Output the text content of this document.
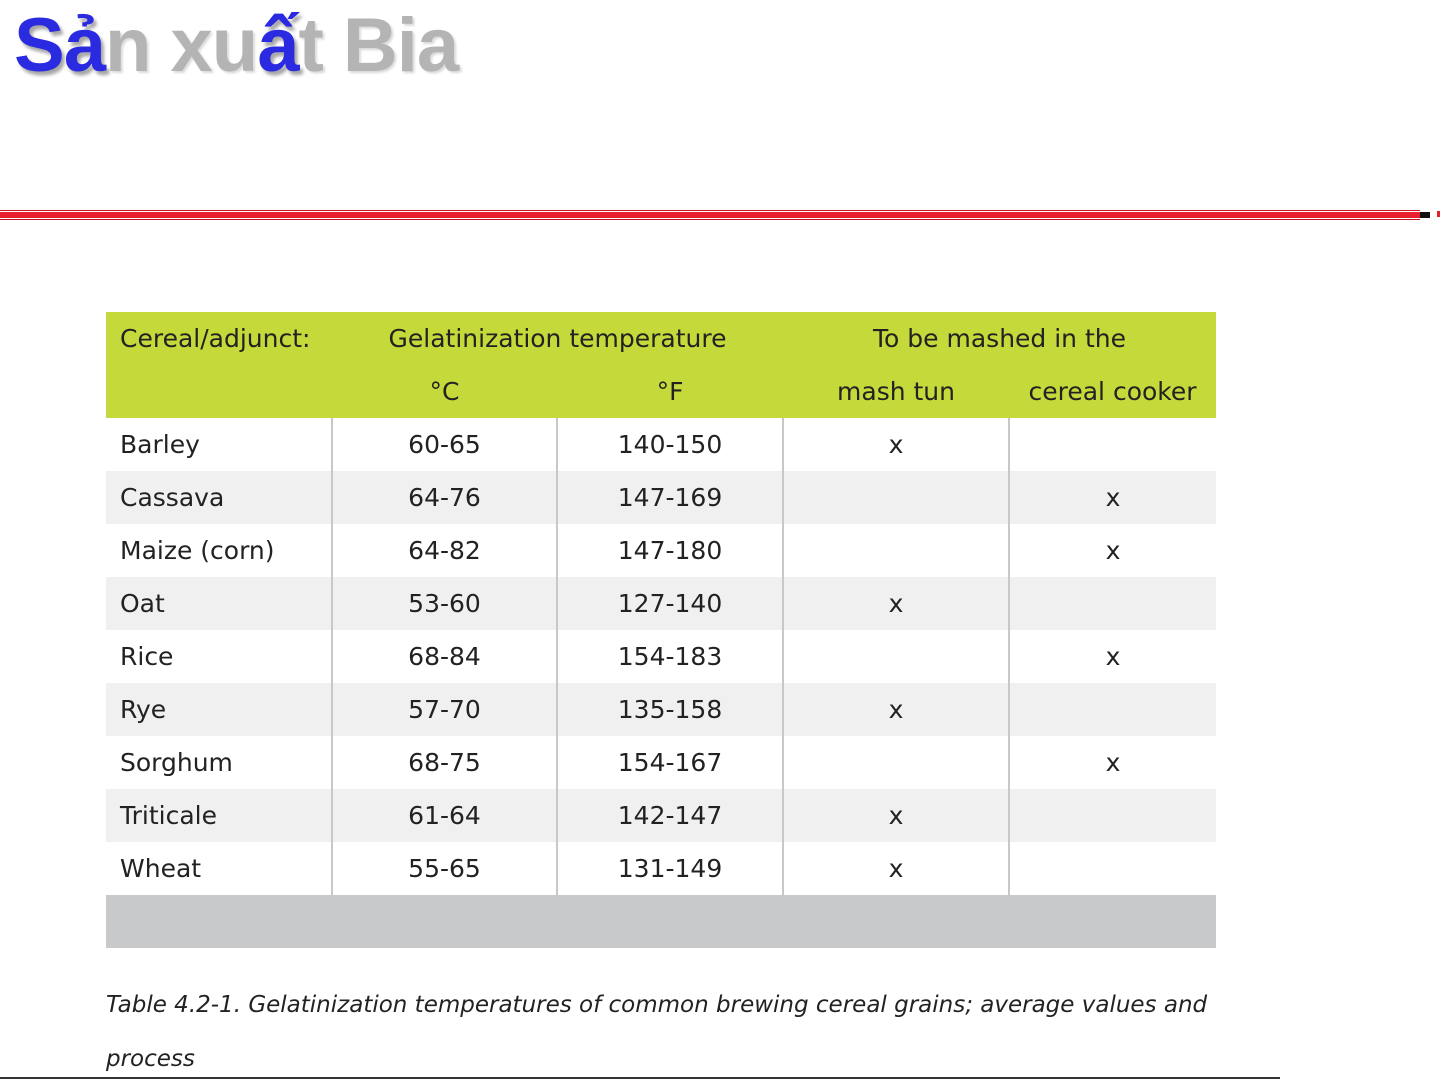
Sản xuất Bia
Cereal/adjunct:	Gelatinization temperature		To be mashed in the	
	°C	°F	mash tun	cereal cooker
Barley	60-65	140-150	x	
Cassava	64-76	147-169		x
Maize (corn)	64-82	147-180		x
Oat	53-60	127-140	x	
Rice	68-84	154-183		x
Rye	57-70	135-158	x	
Sorghum	68-75	154-167		x
Triticale	61-64	142-147	x	
Wheat	55-65	131-149	x	

Table 4.2-1. Gelatinization temperatures of common brewing cereal grains; average values and process
